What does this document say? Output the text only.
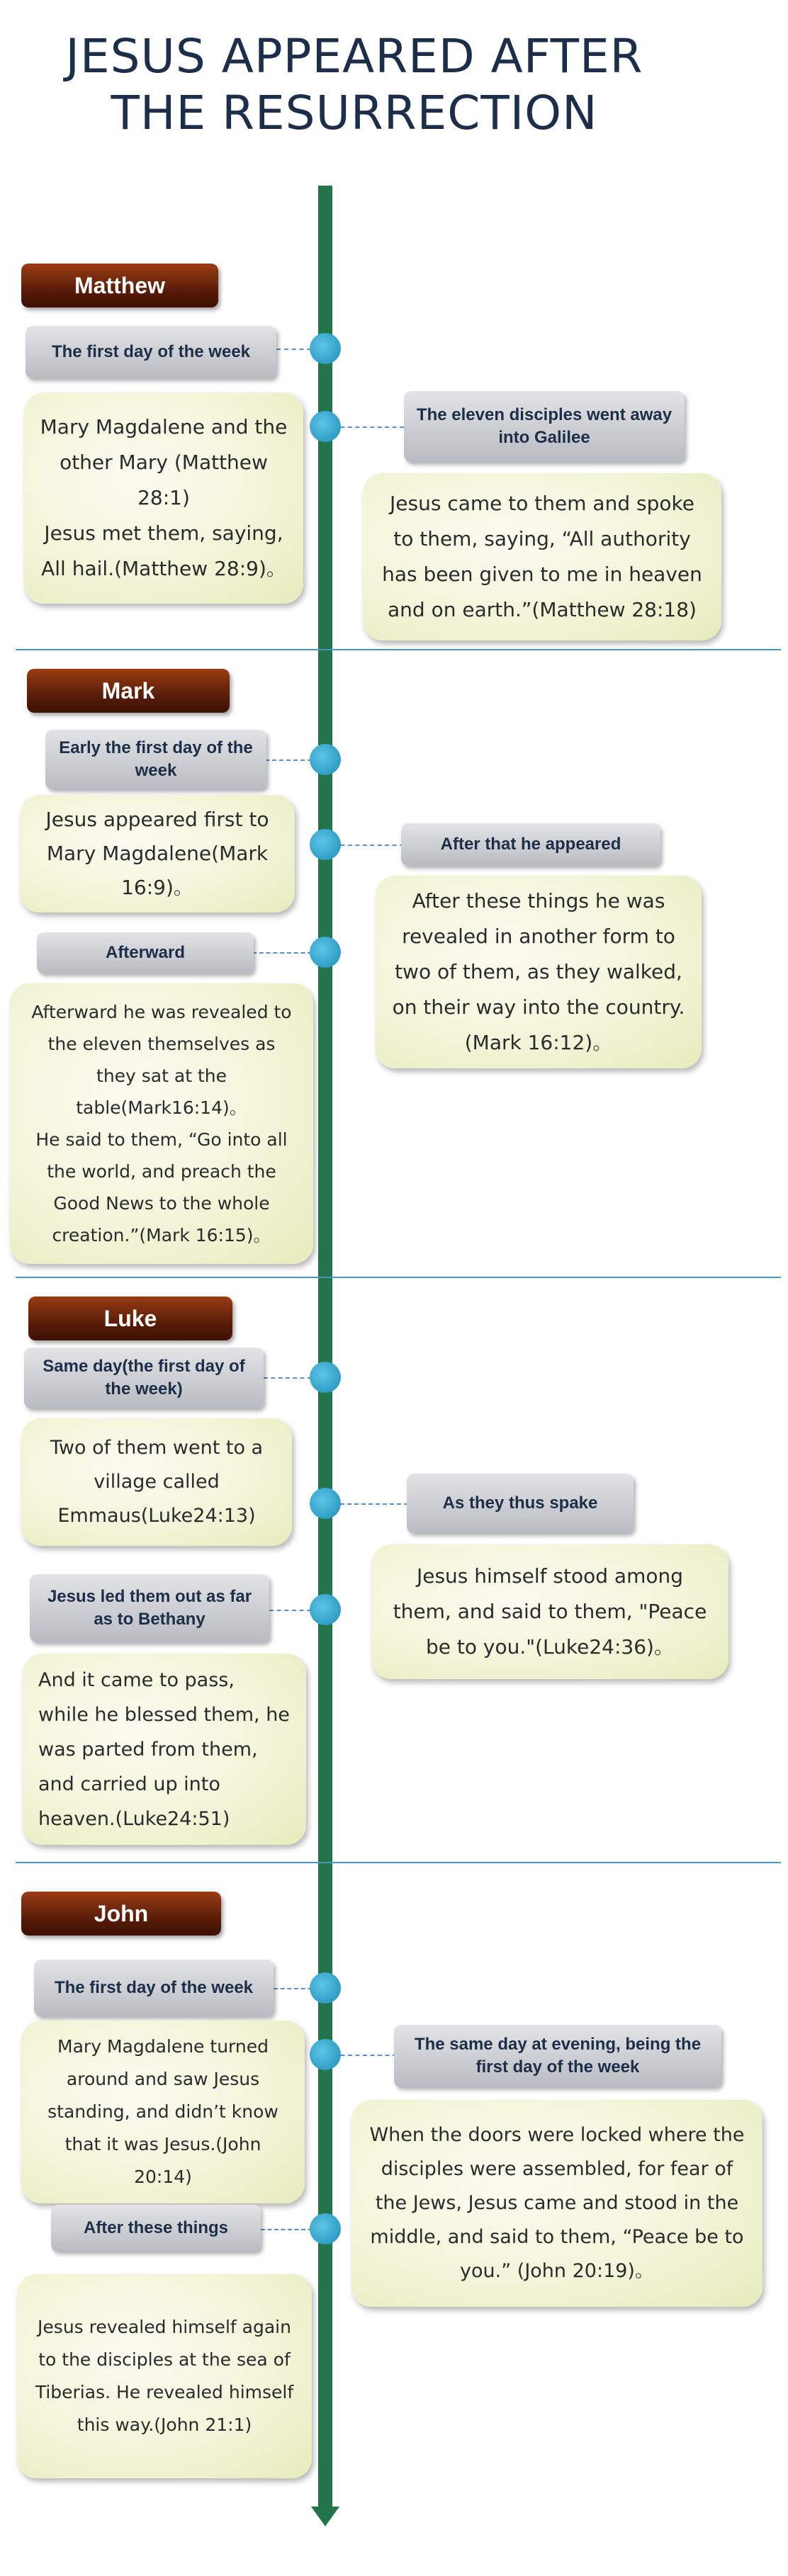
JESUS APPEARED AFTER
THE RESURRECTION
Matthew
The first day of the week
Mary Magdalene and the other Mary (Matthew 28:1)
Jesus met them, saying, All hail.(Matthew 28:9)。
The eleven disciples went away into Galilee
Jesus came to them and spoke to them, saying, “All authority has been given to me in heaven and on earth.”(Matthew 28:18)
Mark
Early the first day of the week
Jesus appeared first to Mary Magdalene(Mark 16:9)。
After that he appeared
After these things he was revealed in another form to two of them, as they walked, on their way into the country. (Mark 16:12)。
Afterward
Afterward he was revealed to the eleven themselves as they sat at the table(Mark16:14)。
He said to them, “Go into all the world, and preach the Good News to the whole creation.”(Mark 16:15)。
Luke
Same day(the first day of the week)
Two of them went to a village called Emmaus(Luke24:13)
As they thus spake
Jesus himself stood among them, and said to them, "Peace be to you."(Luke24:36)。
Jesus led them out as far as to Bethany
And it came to pass, while he blessed them, he was parted from them, and carried up into heaven.(Luke24:51)
John
The first day of the week
The same day at evening, being the first day of the week
Mary Magdalene turned around and saw Jesus standing, and didn’t know that it was Jesus.(John 20:14)
When the doors were locked where the disciples were assembled, for fear of the Jews, Jesus came and stood in the middle, and said to them, “Peace be to you.” (John 20:19)。
After these things
Jesus revealed himself again to the disciples at the sea of Tiberias. He revealed himself this way.(John 21:1)
